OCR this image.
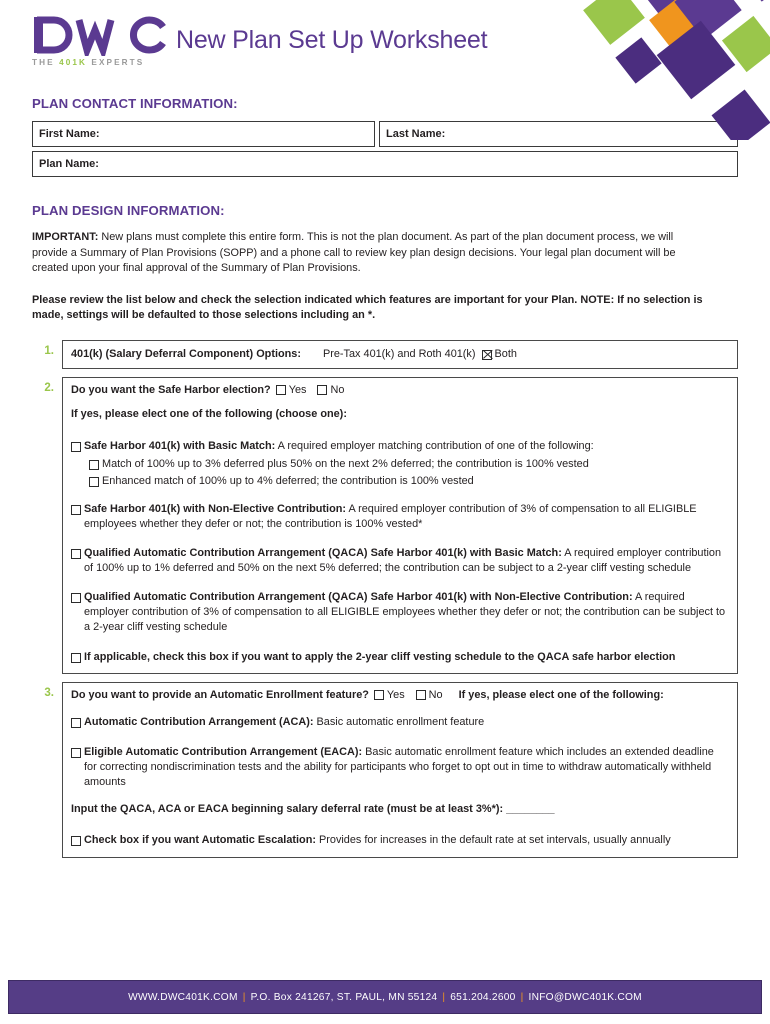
THE 401K EXPERTS
New Plan Set Up Worksheet
PLAN CONTACT INFORMATION:
First Name:	Last Name:
Plan Name:
PLAN DESIGN INFORMATION:
IMPORTANT: New plans must complete this entire form. This is not the plan document. As part of the plan document process, we will provide a Summary of Plan Provisions (SOPP) and a phone call to review key plan design decisions. Your legal plan document will be created upon your final approval of the Summary of Plan Provisions.
Please review the list below and check the selection indicated which features are important for your Plan. NOTE: If no selection is made, settings will be defaulted to those selections including an *.
1.	401(k) (Salary Deferral Component) Options: Pre-Tax 401(k) and Roth 401(k) Both
2.	Do you want the Safe Harbor election? Yes No
If yes, please elect one of the following (choose one):
Safe Harbor 401(k) with Basic Match: A required employer matching contribution of one of the following:
Match of 100% up to 3% deferred plus 50% on the next 2% deferred; the contribution is 100% vested
Enhanced match of 100% up to 4% deferred; the contribution is 100% vested
Safe Harbor 401(k) with Non-Elective Contribution: A required employer contribution of 3% of compensation to all ELIGIBLE employees whether they defer or not; the contribution is 100% vested*
Qualified Automatic Contribution Arrangement (QACA) Safe Harbor 401(k) with Basic Match: A required employer contribution of 100% up to 1% deferred and 50% on the next 5% deferred; the contribution can be subject to a 2-year cliff vesting schedule
Qualified Automatic Contribution Arrangement (QACA) Safe Harbor 401(k) with Non-Elective Contribution: A required employer contribution of 3% of compensation to all ELIGIBLE employees whether they defer or not; the contribution can be subject to a 2-year cliff vesting schedule
If applicable, check this box if you want to apply the 2-year cliff vesting schedule to the QACA safe harbor election
3.	Do you want to provide an Automatic Enrollment feature? Yes No If yes, please elect one of the following:
Automatic Contribution Arrangement (ACA): Basic automatic enrollment feature
Eligible Automatic Contribution Arrangement (EACA): Basic automatic enrollment feature which includes an extended deadline for correcting nondiscrimination tests and the ability for participants who forget to opt out in time to withdraw automatically withheld amounts
Input the QACA, ACA or EACA beginning salary deferral rate (must be at least 3%*): ________
Check box if you want Automatic Escalation: Provides for increases in the default rate at set intervals, usually annually
WWW.DWC401K.COM | P.O. Box 241267, ST. PAUL, MN 55124 | 651.204.2600 | INFO@DWC401K.COM
